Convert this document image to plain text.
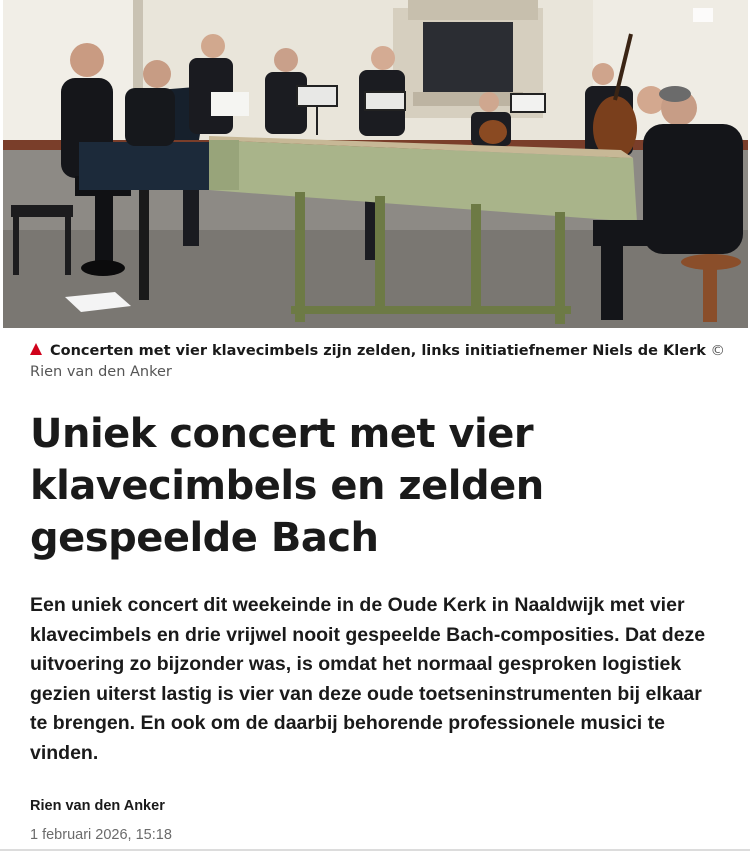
Concerten met vier klavecimbels zijn zelden, links initiatiefnemer Niels de Klerk © Rien van den Anker
Uniek concert met vier klavecimbels en zelden gespeelde Bach

Een uniek concert dit weekeinde in de Oude Kerk in Naaldwijk met vier klavecimbels en drie vrijwel nooit gespeelde Bach-composities. Dat deze uitvoering zo bijzonder was, is omdat het normaal gesproken logistiek gezien uiterst lastig is vier van deze oude toetseninstrumenten bij elkaar te brengen. En ook om de daarbij behorende professionele musici te vinden.

Rien van den Anker
1 februari 2026, 15:18
